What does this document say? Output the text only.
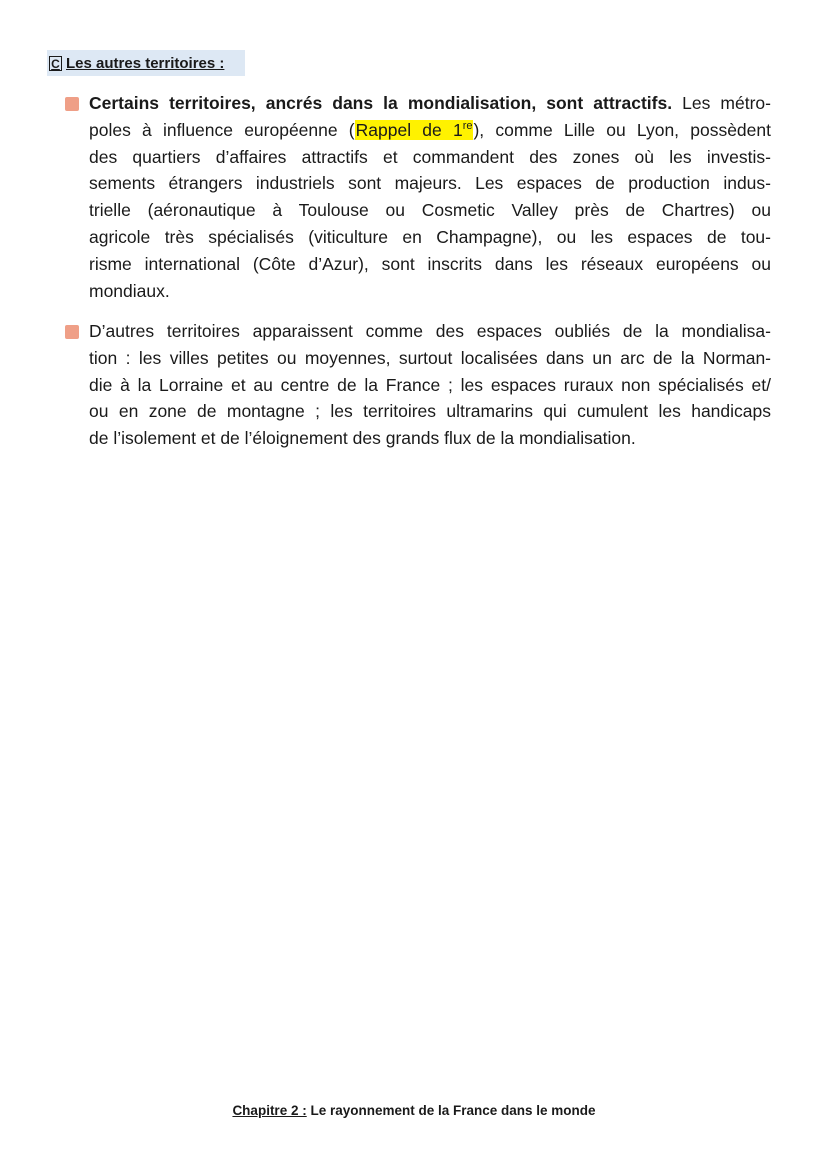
C Les autres territoires :
Certains territoires, ancrés dans la mondialisation, sont attractifs. Les métro-
poles à influence européenne (Rappel de 1re), comme Lille ou Lyon, possèdent
des quartiers d’affaires attractifs et commandent des zones où les investis-
sements étrangers industriels sont majeurs. Les espaces de production indus-
trielle (aéronautique à Toulouse ou Cosmetic Valley près de Chartres) ou
agricole très spécialisés (viticulture en Champagne), ou les espaces de tou-
risme international (Côte d’Azur), sont inscrits dans les réseaux européens ou
mondiaux.
D’autres territoires apparaissent comme des espaces oubliés de la mondialisa-
tion : les villes petites ou moyennes, surtout localisées dans un arc de la Norman-
die à la Lorraine et au centre de la France ; les espaces ruraux non spécialisés et/
ou en zone de montagne ; les territoires ultramarins qui cumulent les handicaps
de l’isolement et de l’éloignement des grands flux de la mondialisation.
Chapitre 2 : Le rayonnement de la France dans le monde
